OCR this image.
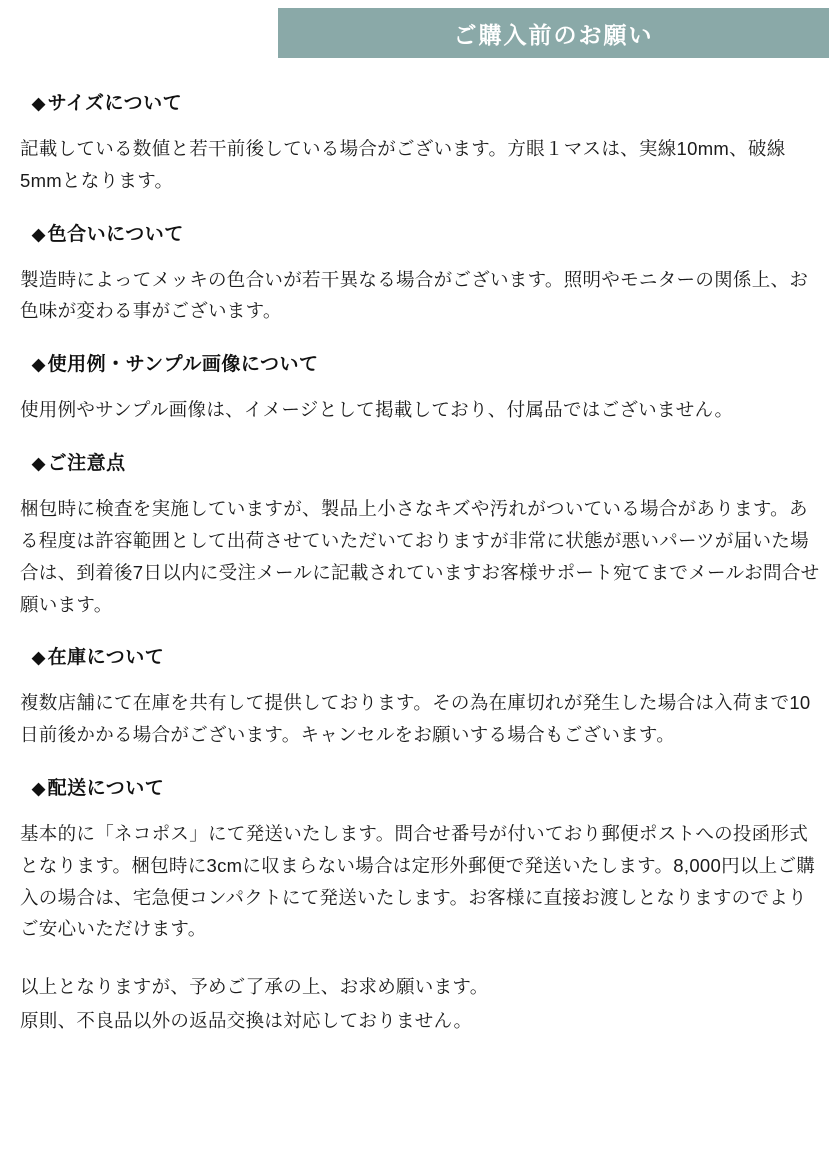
ご購入前のお願い
◆ サイズについて
記載している数値と若干前後している場合がございます。方眼１マスは、実線10mm、破線5mmとなります。
◆ 色合いについて
製造時によってメッキの色合いが若干異なる場合がございます。照明やモニターの関係上、お色味が変わる事がございます。
◆ 使用例・サンプル画像について
使用例やサンプル画像は、イメージとして掲載しており、付属品ではございません。
◆ ご注意点
梱包時に検査を実施していますが、製品上小さなキズや汚れがついている場合があります。ある程度は許容範囲として出荷させていただいておりますが非常に状態が悪いパーツが届いた場合は、到着後7日以内に受注メールに記載されていますお客様サポート宛てまでメールお問合せ願います。
◆ 在庫について
複数店舗にて在庫を共有して提供しております。その為在庫切れが発生した場合は入荷まで10日前後かかる場合がございます。キャンセルをお願いする場合もございます。
◆ 配送について
基本的に「ネコポス」にて発送いたします。問合せ番号が付いており郵便ポストへの投函形式となります。梱包時に3cmに収まらない場合は定形外郵便で発送いたします。8,000円以上ご購入の場合は、宅急便コンパクトにて発送いたします。お客様に直接お渡しとなりますのでよりご安心いただけます。
以上となりますが、予めご了承の上、お求め願います。
原則、不良品以外の返品交換は対応しておりません。
